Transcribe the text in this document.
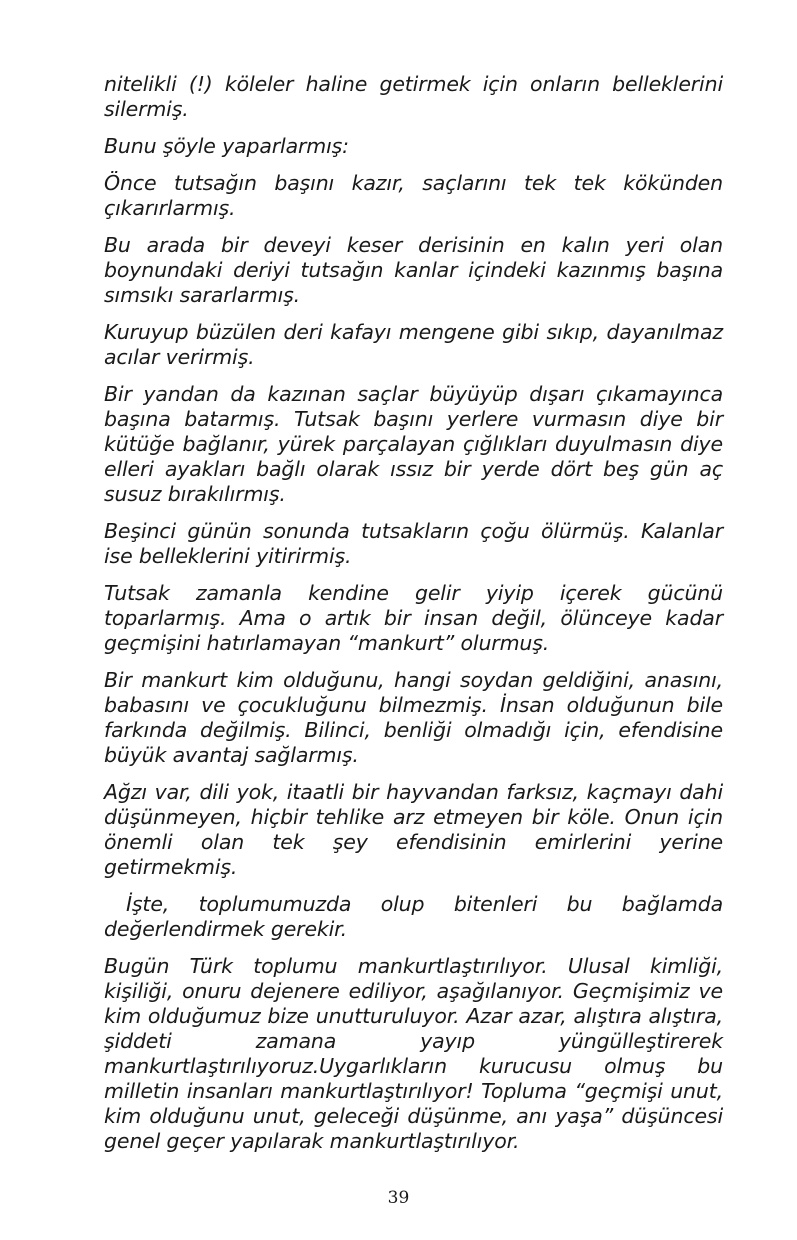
nitelikli (!) köleler haline getirmek için onların belleklerini silermiş.

Bunu şöyle yaparlarmış:

Önce tutsağın başını kazır, saçlarını tek tek kökünden çıkarırlarmış.

Bu arada bir deveyi keser derisinin en kalın yeri olan boynundaki deriyi tutsağın kanlar içindeki kazınmış başına sımsıkı sararlarmış.

Kuruyup büzülen deri kafayı mengene gibi sıkıp, dayanılmaz acılar verirmiş.

Bir yandan da kazınan saçlar büyüyüp dışarı çıkamayınca başına batarmış. Tutsak başını yerlere vurmasın diye bir kütüğe bağlanır, yürek parçalayan çığlıkları duyulmasın diye elleri ayakları bağlı olarak ıssız bir yerde dört beş gün aç susuz bırakılırmış.

Beşinci günün sonunda tutsakların çoğu ölürmüş. Kalanlar ise belleklerini yitirirmiş.

Tutsak zamanla kendine gelir yiyip içerek gücünü toparlarmış. Ama o artık bir insan değil, ölünceye kadar geçmişini hatırlamayan “mankurt” olurmuş.

Bir mankurt kim olduğunu, hangi soydan geldiğini, anasını, babasını ve çocukluğunu bilmezmiş. İnsan olduğunun bile farkında değilmiş. Bilinci, benliği olmadığı için, efendisine büyük avantaj sağlarmış.

Ağzı var, dili yok, itaatli bir hayvandan farksız, kaçmayı dahi düşünmeyen, hiçbir tehlike arz etmeyen bir köle. Onun için önemli olan tek şey efendisinin emirlerini yerine getirmekmiş.

İşte, toplumumuzda olup bitenleri bu bağlamda değerlendirmek gerekir.

Bugün Türk toplumu mankurtlaştırılıyor. Ulusal kimliği, kişiliği, onuru dejenere ediliyor, aşağılanıyor. Geçmişimiz ve kim olduğumuz bize unutturuluyor. Azar azar, alıştıra alıştıra, şiddeti zamana yayıp yüngülleştirerek mankurtlaştırılıyoruz.Uygarlıkların kurucusu olmuş bu milletin insanları mankurtlaştırılıyor! Topluma “geçmişi unut, kim olduğunu unut, geleceği düşünme, anı yaşa” düşüncesi genel geçer yapılarak mankurtlaştırılıyor.

39
